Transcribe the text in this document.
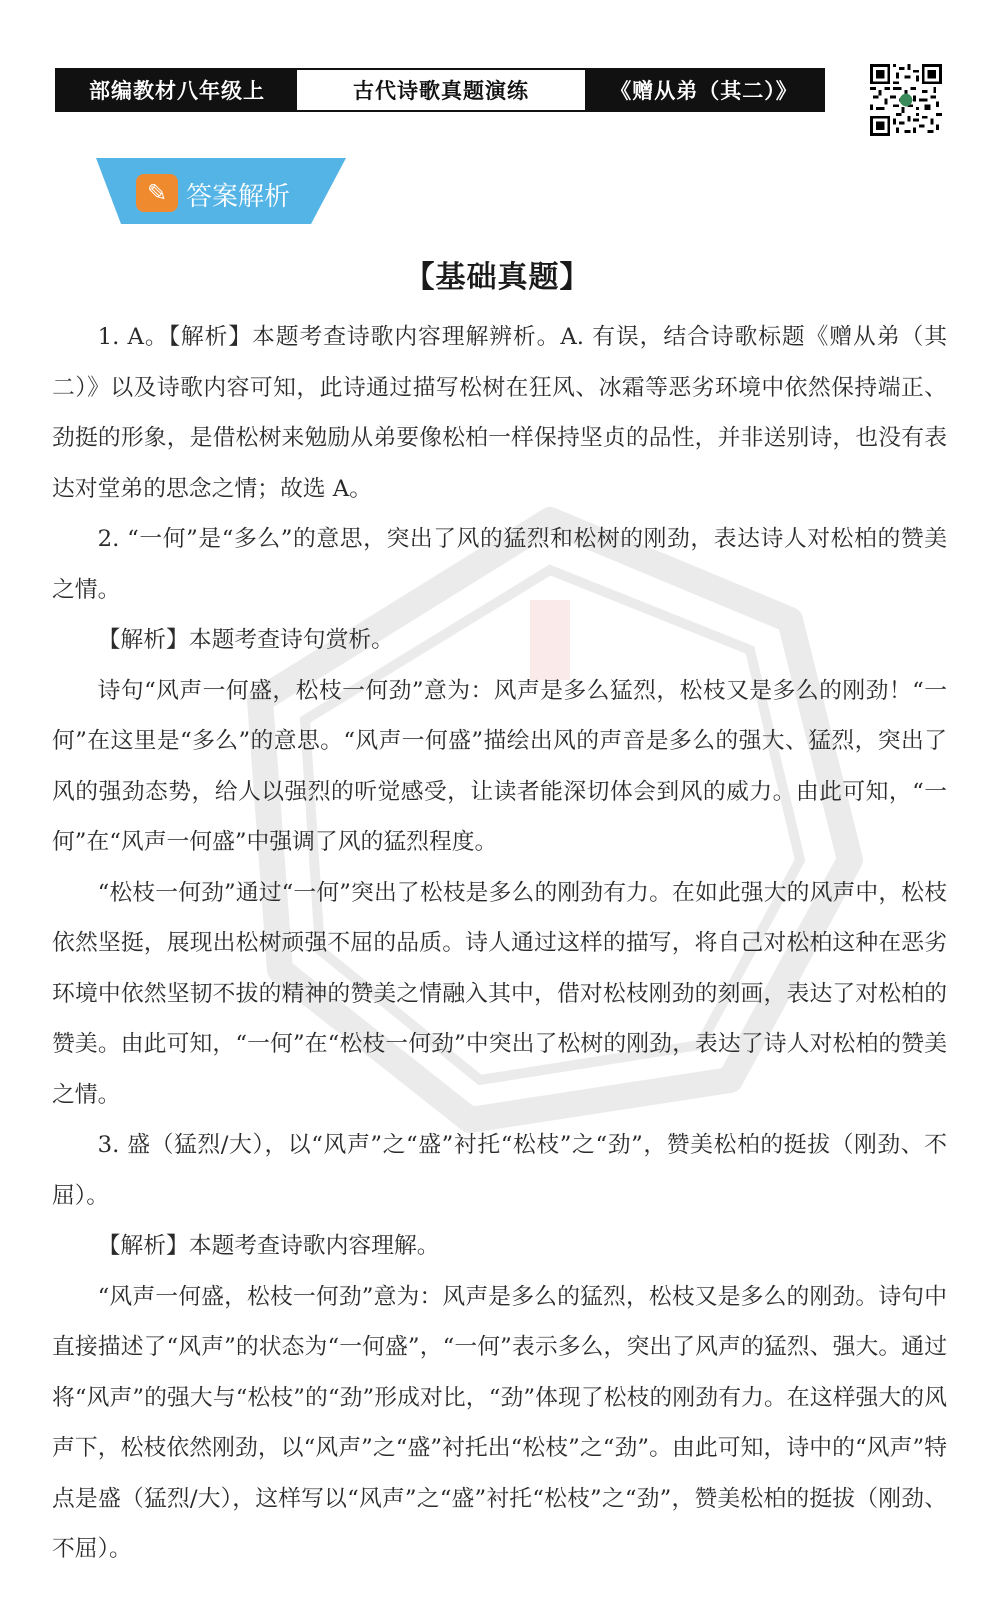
部编教材八年级上	古代诗歌真题演练	《赠从弟（其二）》
✎ 答案解析
【基础真题】

1. A。【解析】本题考查诗歌内容理解辨析。A. 有误，结合诗歌标题《赠从弟（其二）》以及诗歌内容可知，此诗通过描写松树在狂风、冰霜等恶劣环境中依然保持端正、劲挺的形象，是借松树来勉励从弟要像松柏一样保持坚贞的品性，并非送别诗，也没有表达对堂弟的思念之情；故选 A。

2. “一何”是“多么”的意思，突出了风的猛烈和松树的刚劲，表达诗人对松柏的赞美之情。

【解析】本题考查诗句赏析。

诗句“风声一何盛，松枝一何劲”意为：风声是多么猛烈，松枝又是多么的刚劲！“一何”在这里是“多么”的意思。“风声一何盛”描绘出风的声音是多么的强大、猛烈，突出了风的强劲态势，给人以强烈的听觉感受，让读者能深切体会到风的威力。由此可知，“一何”在“风声一何盛”中强调了风的猛烈程度。

“松枝一何劲”通过“一何”突出了松枝是多么的刚劲有力。在如此强大的风声中，松枝依然坚挺，展现出松树顽强不屈的品质。诗人通过这样的描写，将自己对松柏这种在恶劣环境中依然坚韧不拔的精神的赞美之情融入其中，借对松枝刚劲的刻画，表达了对松柏的赞美。由此可知，“一何”在“松枝一何劲”中突出了松树的刚劲，表达了诗人对松柏的赞美之情。

3. 盛（猛烈/大），以“风声”之“盛”衬托“松枝”之“劲”，赞美松柏的挺拔（刚劲、不屈）。

【解析】本题考查诗歌内容理解。

“风声一何盛，松枝一何劲”意为：风声是多么的猛烈，松枝又是多么的刚劲。诗句中直接描述了“风声”的状态为“一何盛”，“一何”表示多么，突出了风声的猛烈、强大。通过将“风声”的强大与“松枝”的“劲”形成对比，“劲”体现了松枝的刚劲有力。在这样强大的风声下，松枝依然刚劲，以“风声”之“盛”衬托出“松枝”之“劲”。由此可知，诗中的“风声”特点是盛（猛烈/大），这样写以“风声”之“盛”衬托“松枝”之“劲”，赞美松柏的挺拔（刚劲、不屈）。
